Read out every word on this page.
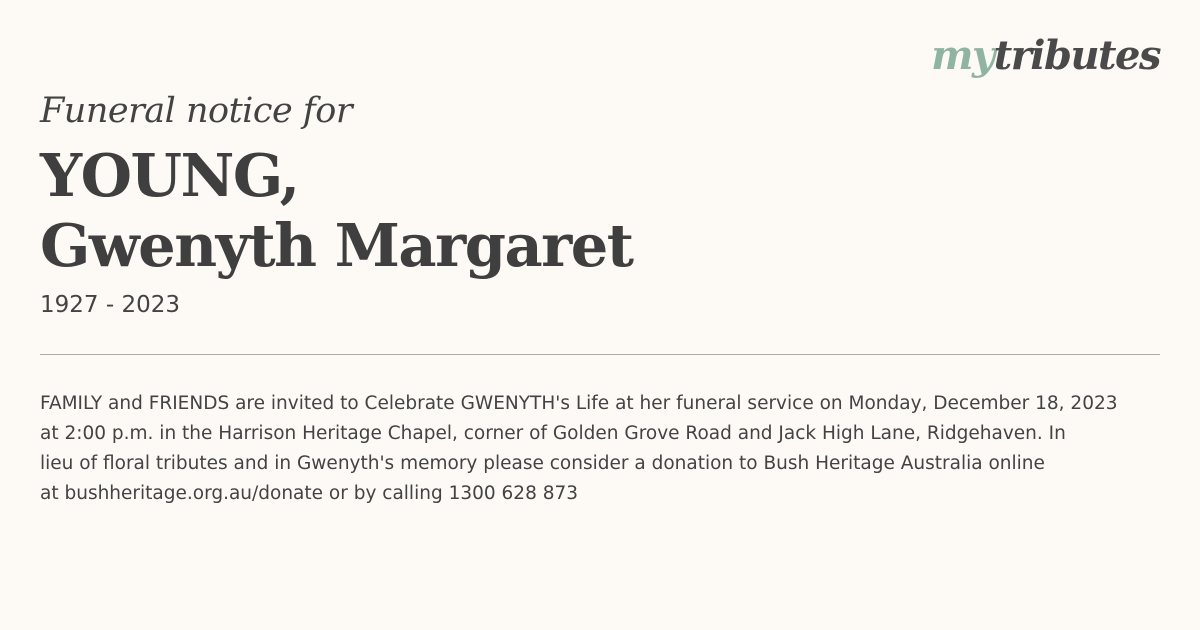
mytributes
Funeral notice for
YOUNG,
Gwenyth Margaret
1927 - 2023
FAMILY and FRIENDS are invited to Celebrate GWENYTH's Life at her funeral service on Monday, December 18, 2023
at 2:00 p.m. in the Harrison Heritage Chapel, corner of Golden Grove Road and Jack High Lane, Ridgehaven. In
lieu of floral tributes and in Gwenyth's memory please consider a donation to Bush Heritage Australia online
at bushheritage.org.au/donate or by calling 1300 628 873
